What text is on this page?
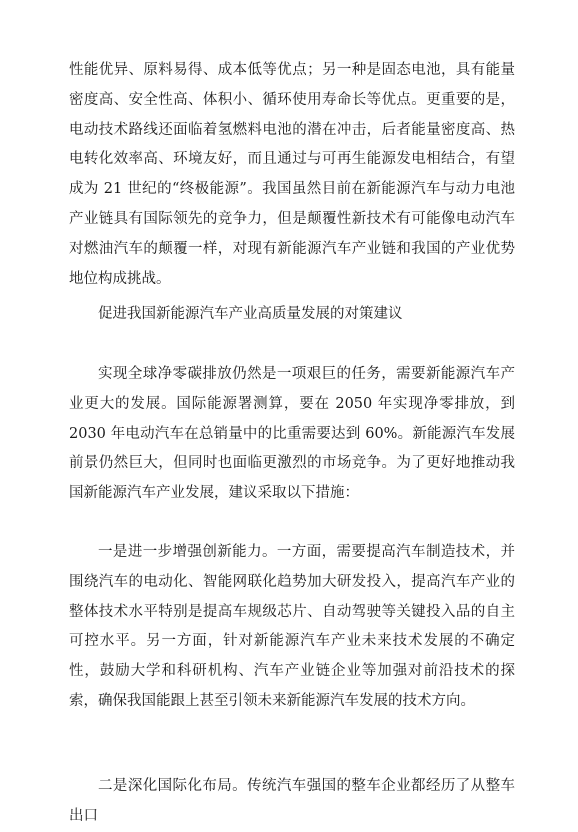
性能优异、原料易得、成本低等优点；另一种是固态电池，具有能量密度高、安全性高、体积小、循环使用寿命长等优点。更重要的是，电动技术路线还面临着氢燃料电池的潜在冲击，后者能量密度高、热电转化效率高、环境友好，而且通过与可再生能源发电相结合，有望成为 21 世纪的“终极能源”。我国虽然目前在新能源汽车与动力电池产业链具有国际领先的竞争力，但是颠覆性新技术有可能像电动汽车对燃油汽车的颠覆一样，对现有新能源汽车产业链和我国的产业优势地位构成挑战。

促进我国新能源汽车产业高质量发展的对策建议

实现全球净零碳排放仍然是一项艰巨的任务，需要新能源汽车产业更大的发展。国际能源署测算，要在 2050 年实现净零排放，到 2030 年电动汽车在总销量中的比重需要达到 60%。新能源汽车发展前景仍然巨大，但同时也面临更激烈的市场竞争。为了更好地推动我国新能源汽车产业发展，建议采取以下措施：

一是进一步增强创新能力。一方面，需要提高汽车制造技术，并围绕汽车的电动化、智能网联化趋势加大研发投入，提高汽车产业的整体技术水平特别是提高车规级芯片、自动驾驶等关键投入品的自主可控水平。另一方面，针对新能源汽车产业未来技术发展的不确定性，鼓励大学和科研机构、汽车产业链企业等加强对前沿技术的探索，确保我国能跟上甚至引领未来新能源汽车发展的技术方向。

二是深化国际化布局。传统汽车强国的整车企业都经历了从整车出口
